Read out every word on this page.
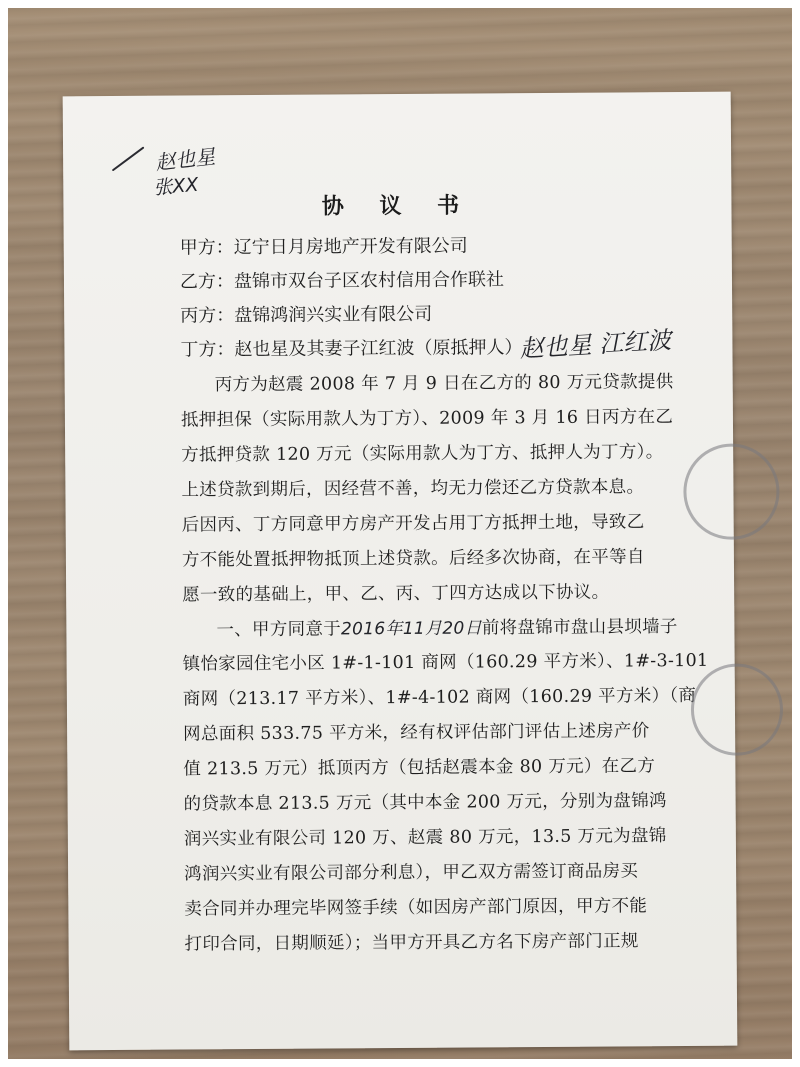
赵也星
张XX
协 议 书
甲方：辽宁日月房地产开发有限公司
乙方：盘锦市双台子区农村信用合作联社
丙方：盘锦鸿润兴实业有限公司
丁方：赵也星及其妻子江红波（原抵押人）
赵也星 江红波
丙方为赵震 2008 年 7 月 9 日在乙方的 80 万元贷款提供
抵押担保（实际用款人为丁方）、2009 年 3 月 16 日丙方在乙
方抵押贷款 120 万元（实际用款人为丁方、抵押人为丁方）。
上述贷款到期后，因经营不善，均无力偿还乙方贷款本息。
后因丙、丁方同意甲方房产开发占用丁方抵押土地，导致乙
方不能处置抵押物抵顶上述贷款。后经多次协商，在平等自
愿一致的基础上，甲、乙、丙、丁四方达成以下协议。
一、甲方同意于2016年11月20日前将盘锦市盘山县坝墙子
镇怡家园住宅小区 1#-1-101 商网（160.29 平方米）、1#-3-101
商网（213.17 平方米）、1#-4-102 商网（160.29 平方米）（商
网总面积 533.75 平方米，经有权评估部门评估上述房产价
值 213.5 万元）抵顶丙方（包括赵震本金 80 万元）在乙方
的贷款本息 213.5 万元（其中本金 200 万元，分别为盘锦鸿
润兴实业有限公司 120 万、赵震 80 万元，13.5 万元为盘锦
鸿润兴实业有限公司部分利息），甲乙双方需签订商品房买
卖合同并办理完毕网签手续（如因房产部门原因，甲方不能
打印合同，日期顺延）；当甲方开具乙方名下房产部门正规
